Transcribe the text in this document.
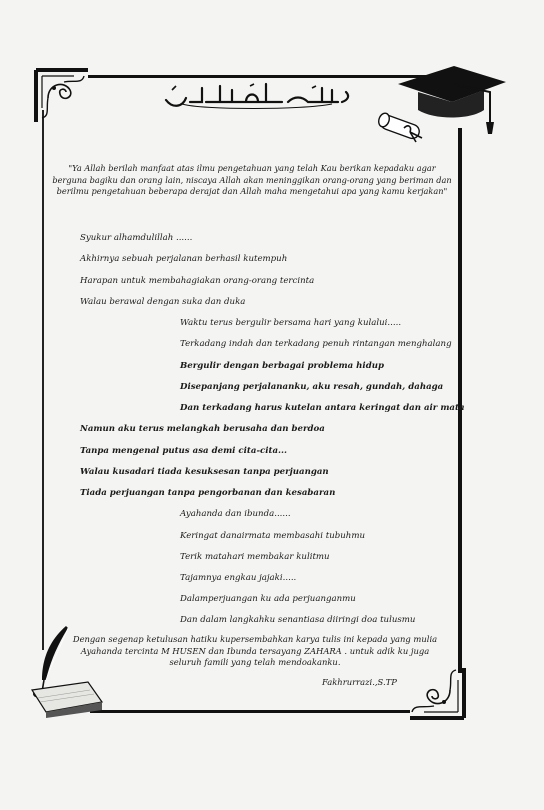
"Ya Allah berilah manfaat atas ilmu pengetahuan yang telah Kau berikan kepadaku agar berguna bagiku dan orang lain, niscaya Allah akan meninggikan orang-orang yang beriman dan berilmu pengetahuan beberapa derajat dan Allah maha mengetahui apa yang kamu kerjakan"
Syukur alhamdulillah ......
Akhirnya sebuah perjalanan berhasil kutempuh
Harapan untuk membahagiakan orang-orang tercinta
Walau berawal dengan suka dan duka
Waktu terus bergulir bersama hari yang kulalui.....
Terkadang indah dan terkadang penuh rintangan menghalang
Bergulir dengan berbagai problema hidup
Disepanjang perjalananku, aku resah, gundah, dahaga
Dan terkadang harus kutelan antara keringat dan air mata
Namun aku terus melangkah berusaha dan berdoa
Tanpa mengenal putus asa demi cita-cita...
Walau kusadari tiada kesuksesan tanpa perjuangan
Tiada perjuangan tanpa pengorbanan dan kesabaran
Ayahanda dan ibunda......
Keringat danairmata membasahi tubuhmu
Terik matahari membakar kulitmu
Tajamnya engkau jajaki.....
Dalamperjuangan ku ada perjuanganmu
Dan dalam langkahku senantiasa diiringi doa tulusmu
Dengan segenap ketulusan hatiku kupersembahkan karya tulis ini kepada yang mulia Ayahanda tercinta M HUSEN dan Ibunda tersayang ZAHARA . untuk adik ku juga seluruh famili yang telah mendoakanku.
Fakhrurrazi.,S.TP
